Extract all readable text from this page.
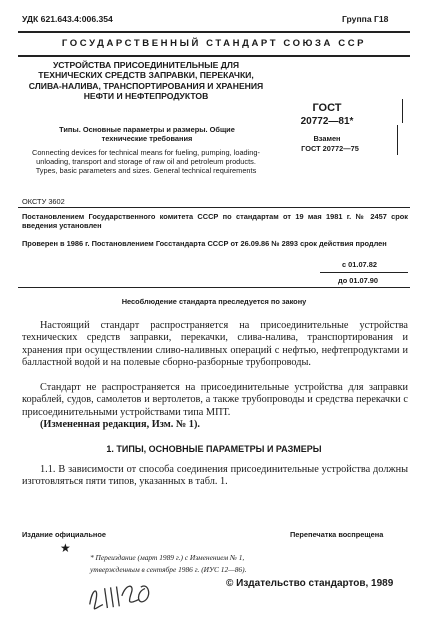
УДК 621.643.4:006.354	Группа Г18
ГОСУДАРСТВЕННЫЙ СТАНДАРТ СОЮЗА ССР
УСТРОЙСТВА ПРИСОЕДИНИТЕЛЬНЫЕ ДЛЯ ТЕХНИЧЕСКИХ СРЕДСТВ ЗАПРАВКИ, ПЕРЕКАЧКИ, СЛИВА-НАЛИВА, ТРАНСПОРТИРОВАНИЯ И ХРАНЕНИЯ НЕФТИ И НЕФТЕПРОДУКТОВ
Типы. Основные параметры и размеры. Общие технические требования
Connecting devices for technical means for fueling, pumping, loading-unloading, transport and storage of raw oil and petroleum products. Types, basic parameters and sizes. General technical requirements
ОКСТУ 3602
ГОСТ
20772—81*
Взамен
ГОСТ 20772—75
Постановлением Государственного комитета СССР по стандартам от 19 мая 1981 г. № 2457 срок введения установлен
Проверен в 1986 г. Постановлением Госстандарта СССР от 26.09.86 № 2893 срок действия продлен
с 01.07.82
до 01.07.90
Несоблюдение стандарта преследуется по закону
Настоящий стандарт распространяется на присоединительные устройства технических средств заправки, перекачки, слива-налива, транспортирования и хранения при осуществлении сливо-наливных операций с нефтью, нефтепродуктами и балластной водой и на полевые сборно-разборные трубопроводы.
Стандарт не распространяется на присоединительные устройства для заправки кораблей, судов, самолетов и вертолетов, а также трубопроводы и средства перекачки с присоединительными устройствами типа МПТ.
(Измененная редакция, Изм. № 1).
1. ТИПЫ, ОСНОВНЫЕ ПАРАМЕТРЫ И РАЗМЕРЫ
1.1. В зависимости от способа соединения присоединительные устройства должны изготовляться пяти типов, указанных в табл. 1.
Издание официальное	Перепечатка воспрещена
★
* Переиздание (март 1989 г.) с Изменением № 1,
утвержденным в сентябре 1986 г. (ИУС 12—86).
© Издательство стандартов, 1989
